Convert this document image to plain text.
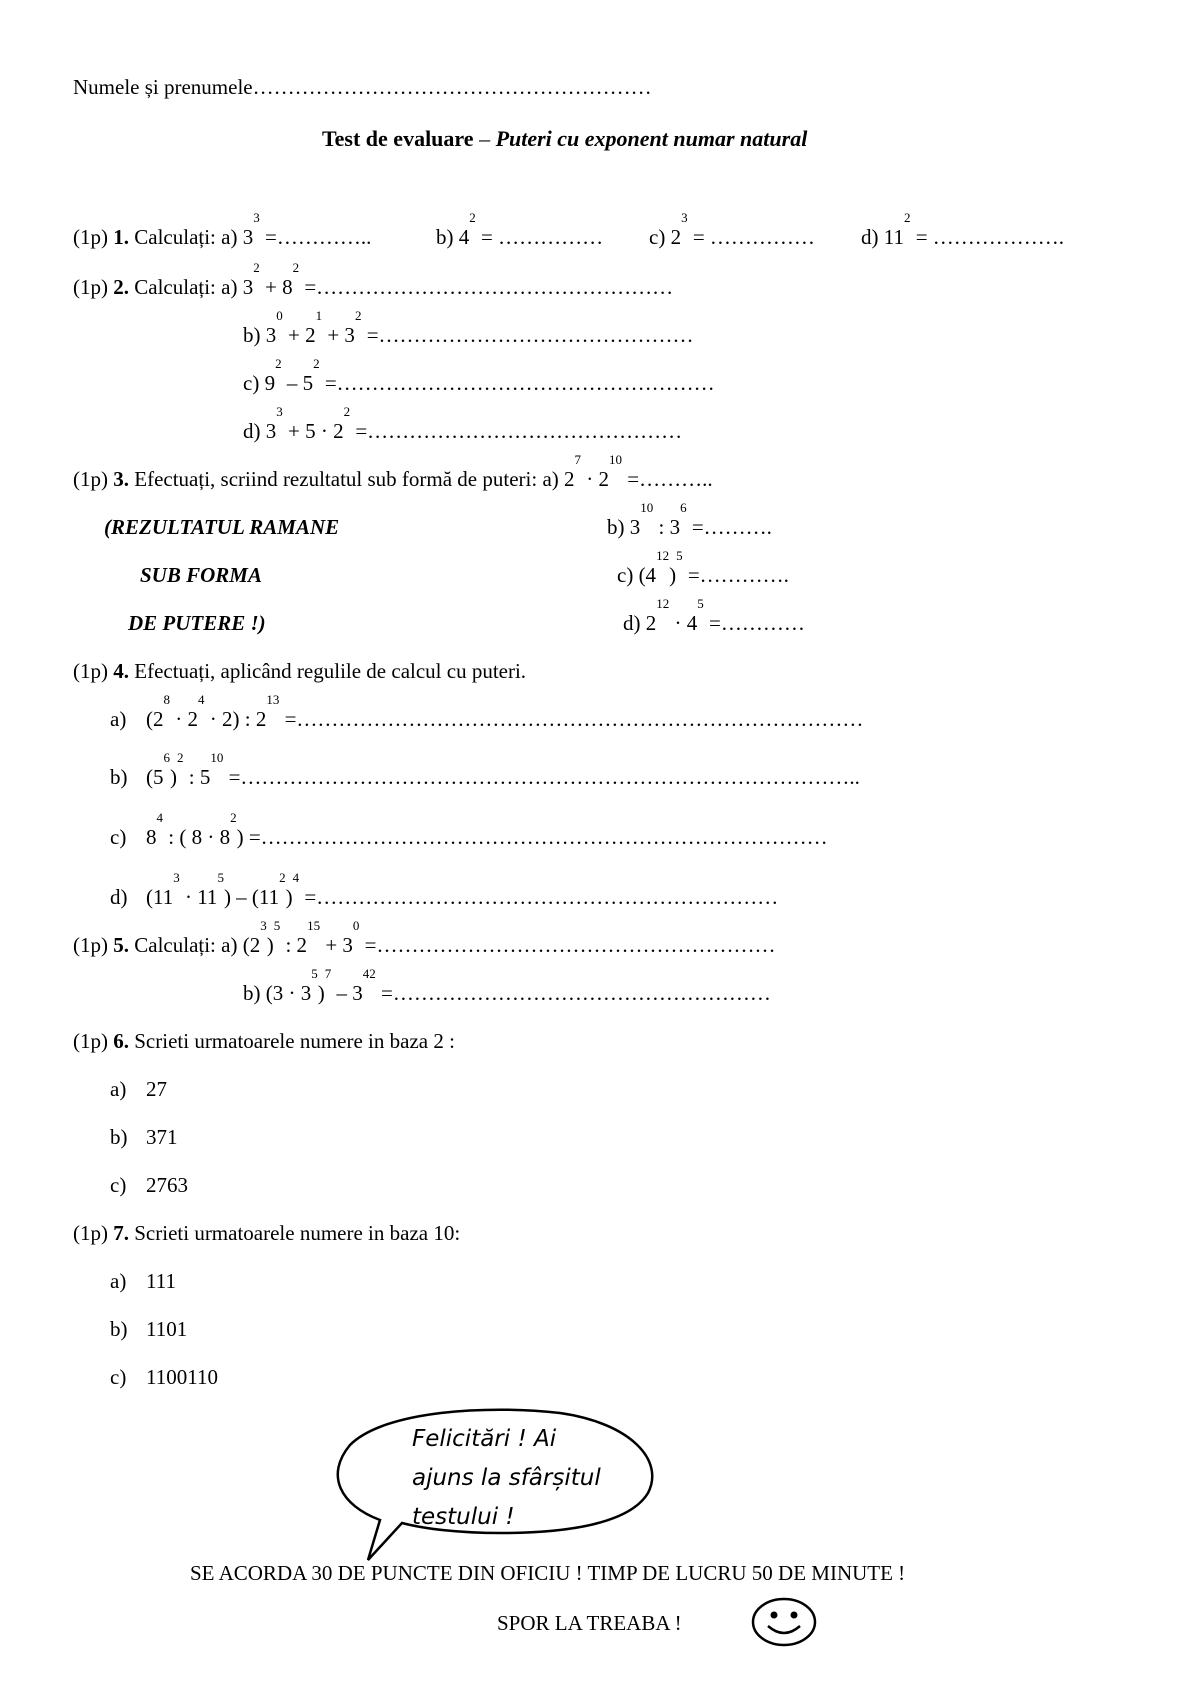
Numele și prenumele…………………………………………………
Test de evaluare – Puteri cu exponent numar natural
(1p) 1. Calculați: a) $3^3$ =…………..	b) $4^2$ = …………… c) $2^3$ = …………… d) $11^2$ = ……………….
(1p) 2. Calculați: a) $3^2 + 8^2$ =……………………………………………
b) $3^0 + 2^1 + 3^2$ =………………………………………
c) $9^2 - 5^2$ =………………………………………………
d) $3^3 + 5 \cdot 2^2$ =………………………………………
(1p) 3. Efectuați, scriind rezultatul sub formă de puteri: a) $2^7 \cdot 2^{10}$ =………..
(REZULTATUL RAMANE
SUB FORMA
DE PUTERE !)
b) $3^{10}$ : $3^6$ =……….
c) $(4^{12})^5$ =………….
d) $2^{12} \cdot 4^5$ =…………
(1p) 4. Efectuați, aplicând regulile de calcul cu puteri.
a) $(2^8 \cdot 2^4 \cdot 2)$ : $2^{13}$ =………………………………………………………………………
b) $(5^6)^2$ : $5^{10}$ =……………………………………………………………………………..
c) $8^4$ : ( $8 \cdot 8^2$) =………………………………………………………………………
d) $(11^3 \cdot 11^5) - (11^2)^4$ =…………………………………………………………
(1p) 5. Calculați: a) $(2^3)^5$ : $2^{15} + 3^0$ =…………………………………………………
b) $(3 \cdot 3^5)^7 - 3^{42}$ =………………………………………………
(1p) 6. Scrieti urmatoarele numere in baza 2 :
a) 27
b) 371
c) 2763
(1p) 7. Scrieti urmatoarele numere in baza 10:
a) 111
b) 1101
c) 1100110
Felicitări ! Ai ajuns la sfârșitul testului !
SE ACORDA 30 DE PUNCTE DIN OFICIU ! TIMP DE LUCRU 50 DE MINUTE !
SPOR LA TREABA !
